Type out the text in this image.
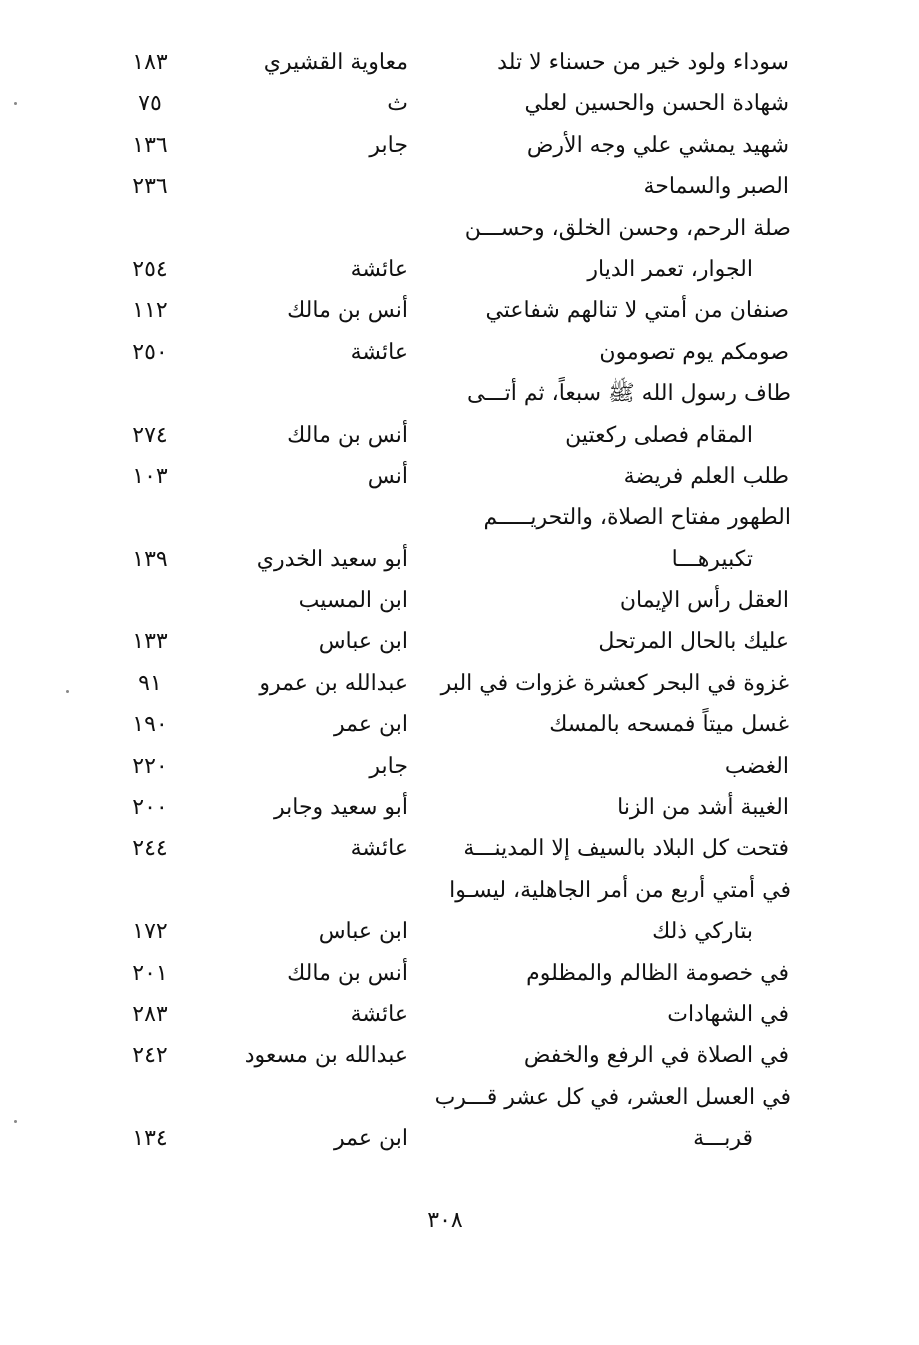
سوداء ولود خير من حسناء لا تلد
معاوية القشيري
١٨٣
شهادة الحسن والحسين لعلي
ث
٧٥
شهيد يمشي علي وجه الأرض
جابر
١٣٦
الصبر والسماحة
٢٣٦
صلة الرحم، وحسن الخلق، وحســـن
الجوار، تعمر الديار
عائشة
٢٥٤
صنفان من أمتي لا تنالهم شفاعتي
أنس بن مالك
١١٢
صومكم يوم تصومون
عائشة
٢٥٠
طاف رسول الله ﷺ سبعاً، ثم أتـــى
المقام فصلى ركعتين
أنس بن مالك
٢٧٤
طلب العلم فريضة
أنس
١٠٣
الطهور مفتاح الصلاة، والتحريـــــم
تكبيرهـــا
أبو سعيد الخدري
١٣٩
العقل رأس الإيمان
ابن المسيب
عليك بالحال المرتحل
ابن عباس
١٣٣
غزوة في البحر كعشرة غزوات في البر
عبدالله بن عمرو
٩١
غسل ميتاً فمسحه بالمسك
ابن عمر
١٩٠
الغضب
جابر
٢٢٠
الغيبة أشد من الزنا
أبو سعيد وجابر
٢٠٠
فتحت كل البلاد بالسيف إلا المدينـــة
عائشة
٢٤٤
في أمتي أربع من أمر الجاهلية، ليسـوا
بتاركي ذلك
ابن عباس
١٧٢
في خصومة الظالم والمظلوم
أنس بن مالك
٢٠١
في الشهادات
عائشة
٢٨٣
في الصلاة في الرفع والخفض
عبدالله بن مسعود
٢٤٢
في العسل العشر، في كل عشر قـــرب
قربـــة
ابن عمر
١٣٤
٣٠٨
